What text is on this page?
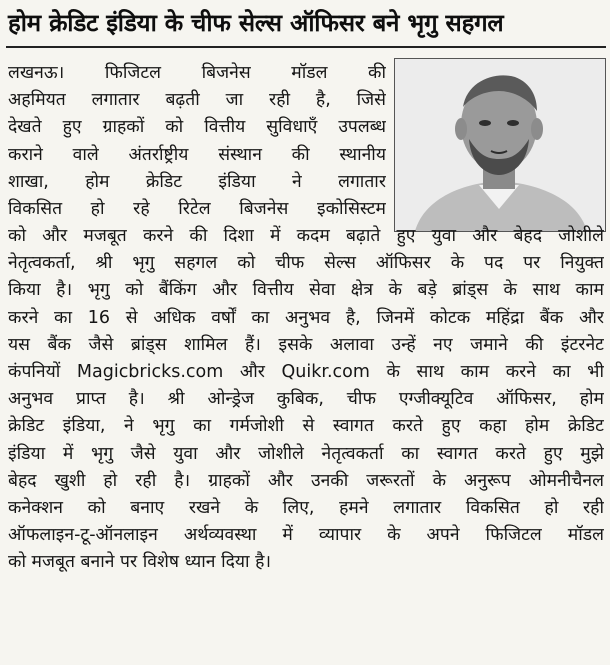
होम क्रेडिट इंडिया के चीफ सेल्स ऑफिसर बने भृगु सहगल
लखनऊ। फिजिटल बिजनेस मॉडल की
अहमियत लगातार बढ़ती जा रही है, जिसे
देखते हुए ग्राहकों को वित्तीय सुविधाएँ उपलब्ध
कराने वाले अंतर्राष्ट्रीय संस्थान की स्थानीय
शाखा, होम क्रेडिट इंडिया ने लगातार
विकसित हो रहे रिटेल बिजनेस इकोसिस्टम
को और मजबूत करने की दिशा में कदम बढ़ाते हुए युवा और बेहद जोशीले
नेतृत्वकर्ता, श्री भृगु सहगल को चीफ सेल्स ऑफिसर के पद पर नियुक्त
किया है। भृगु को बैंकिंग और वित्तीय सेवा क्षेत्र के बड़े ब्रांड्स के साथ काम
करने का 16 से अधिक वर्षों का अनुभव है, जिनमें कोटक महिंद्रा बैंक और
यस बैंक जैसे ब्रांड्स शामिल हैं। इसके अलावा उन्हें नए जमाने की इंटरनेट
कंपनियों Magicbricks.com और Quikr.com के साथ काम करने का भी
अनुभव प्राप्त है। श्री ओन्ड्रेज कुबिक, चीफ एग्जीक्यूटिव ऑफिसर, होम
क्रेडिट इंडिया, ने भृगु का गर्मजोशी से स्वागत करते हुए कहा होम क्रेडिट
इंडिया में भृगु जैसे युवा और जोशीले नेतृत्वकर्ता का स्वागत करते हुए मुझे
बेहद खुशी हो रही है। ग्राहकों और उनकी जरूरतों के अनुरूप ओमनीचैनल
कनेक्शन को बनाए रखने के लिए, हमने लगातार विकसित हो रही
ऑफलाइन-टू-ऑनलाइन अर्थव्यवस्था में व्यापार के अपने फिजिटल मॉडल
को मजबूत बनाने पर विशेष ध्यान दिया है।
